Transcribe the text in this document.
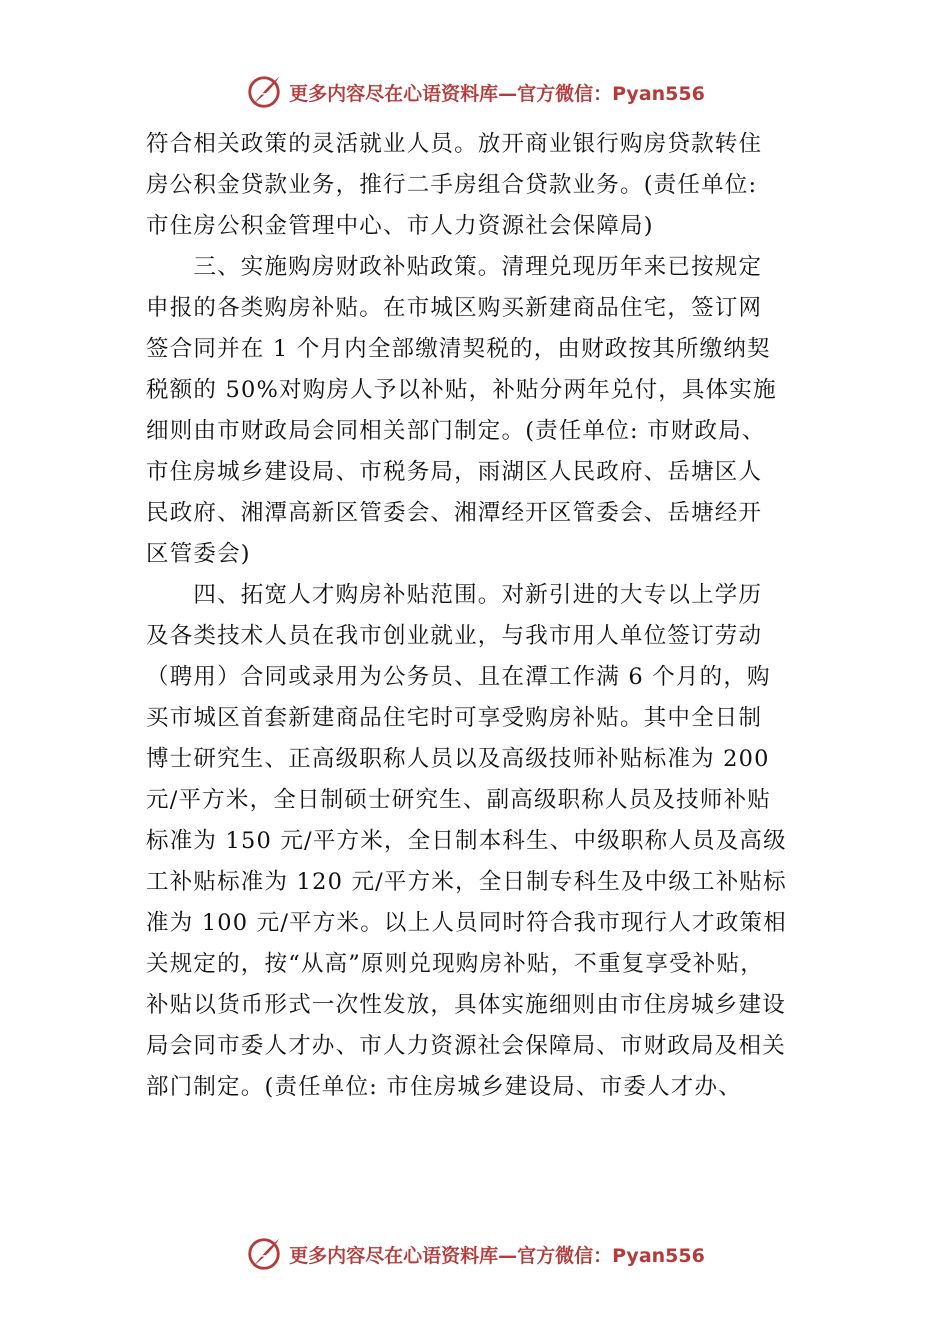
更多内容尽在心语资料库—官方微信：Pyan556
符合相关政策的灵活就业人员。放开商业银行购房贷款转住
房公积金贷款业务，推行二手房组合贷款业务。(责任单位:
市住房公积金管理中心、市人力资源社会保障局)
　　三、实施购房财政补贴政策。清理兑现历年来已按规定
申报的各类购房补贴。在市城区购买新建商品住宅，签订网
签合同并在 1 个月内全部缴清契税的，由财政按其所缴纳契
税额的 50%对购房人予以补贴，补贴分两年兑付，具体实施
细则由市财政局会同相关部门制定。(责任单位: 市财政局、
市住房城乡建设局、市税务局，雨湖区人民政府、岳塘区人
民政府、湘潭高新区管委会、湘潭经开区管委会、岳塘经开
区管委会)
　　四、拓宽人才购房补贴范围。对新引进的大专以上学历
及各类技术人员在我市创业就业，与我市用人单位签订劳动
（聘用）合同或录用为公务员、且在潭工作满 6 个月的，购
买市城区首套新建商品住宅时可享受购房补贴。其中全日制
博士研究生、正高级职称人员以及高级技师补贴标准为 200
元/平方米，全日制硕士研究生、副高级职称人员及技师补贴
标准为 150 元/平方米，全日制本科生、中级职称人员及高级
工补贴标准为 120 元/平方米，全日制专科生及中级工补贴标
准为 100 元/平方米。以上人员同时符合我市现行人才政策相
关规定的，按“从高”原则兑现购房补贴，不重复享受补贴，
补贴以货币形式一次性发放，具体实施细则由市住房城乡建设
局会同市委人才办、市人力资源社会保障局、市财政局及相关
部门制定。(责任单位: 市住房城乡建设局、市委人才办、
更多内容尽在心语资料库—官方微信：Pyan556
